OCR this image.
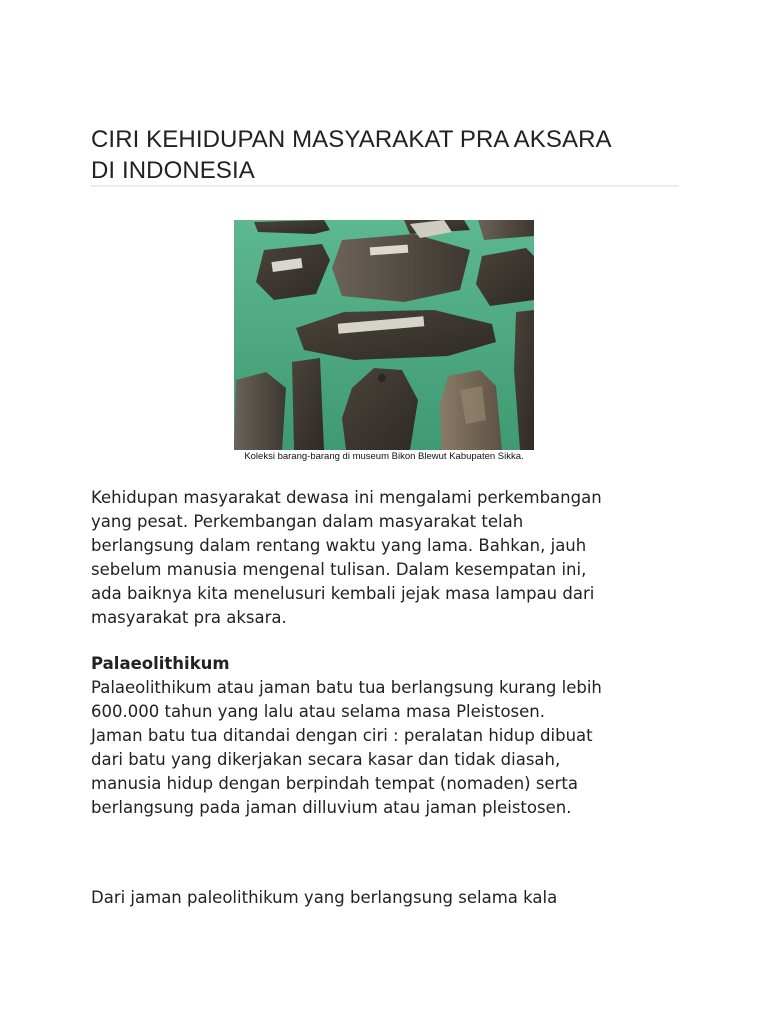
CIRI KEHIDUPAN MASYARAKAT PRA AKSARA
DI INDONESIA
Koleksi barang-barang di museum Bikon Blewut Kabupaten Sikka.

Kehidupan masyarakat dewasa ini mengalami perkembangan
yang pesat. Perkembangan dalam masyarakat telah
berlangsung dalam rentang waktu yang lama. Bahkan, jauh
sebelum manusia mengenal tulisan. Dalam kesempatan ini,
ada baiknya kita menelusuri kembali jejak masa lampau dari
masyarakat pra aksara.

Palaeolithikum

Palaeolithikum atau jaman batu tua berlangsung kurang lebih
600.000 tahun yang lalu atau selama masa Pleistosen.
Jaman batu tua ditandai dengan ciri : peralatan hidup dibuat
dari batu yang dikerjakan secara kasar dan tidak diasah,
manusia hidup dengan berpindah tempat (nomaden) serta
berlangsung pada jaman dilluvium atau jaman pleistosen.

Dari jaman paleolithikum yang berlangsung selama kala
